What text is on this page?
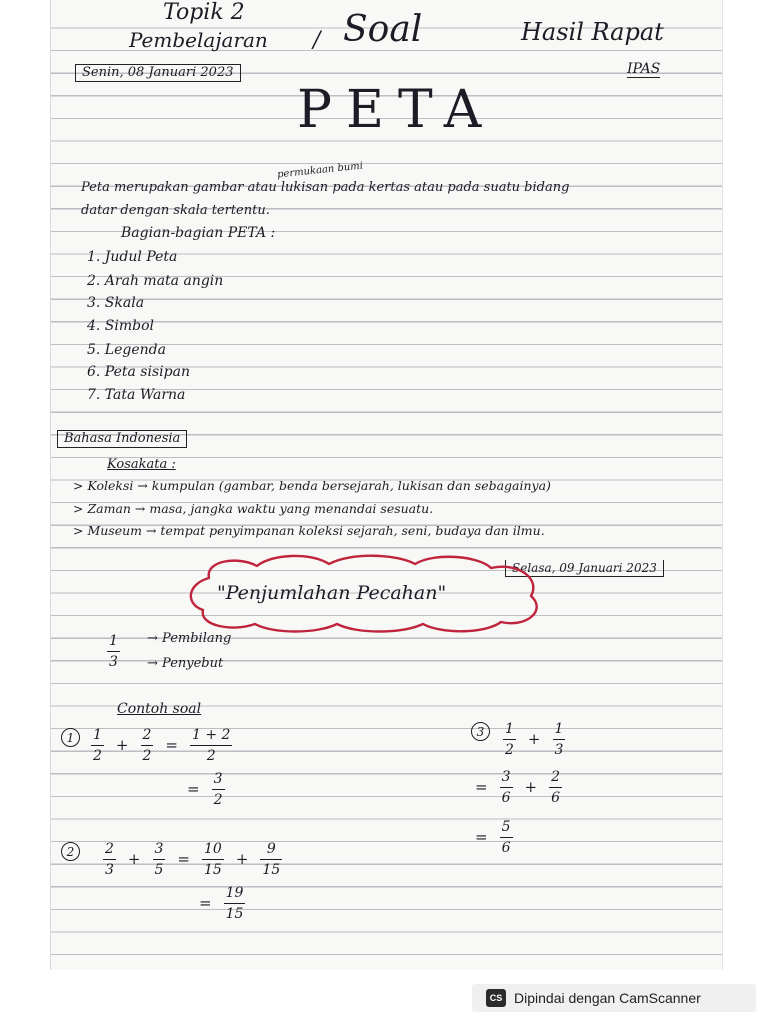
Topik 2
Pembelajaran / Soal	Hasil Rapat
IPAS
Senin, 08 Januari 2023
PETA
permukaan bumi
Peta merupakan gambar atau lukisan pada kertas atau pada suatu bidang
datar dengan skala tertentu.
Bagian-bagian PETA :
1. Judul Peta
2. Arah mata angin
3. Skala
4. Simbol
5. Legenda
6. Peta sisipan
7. Tata Warna
Bahasa Indonesia
Kosakata :
> Koleksi → kumpulan (gambar, benda bersejarah, lukisan dan sebagainya)
> Zaman → masa, jangka waktu yang menandai sesuatu.
> Museum → tempat penyimpanan koleksi sejarah, seni, budaya dan ilmu.
Selasa, 09 Januari 2023
"Penjumlahan Pecahan"
1
3
→ Pembilang
→ Penyebut
Contoh soal
1	1
2
+
2
2
=
1 + 2
2
=
3
2
2	2
3
+
3
5
=
10
15
+
9
15
=
19
15
3	1
2
+
1
3
=
3
6
+
2
6
=
5
6
CS Dipindai dengan CamScanner
